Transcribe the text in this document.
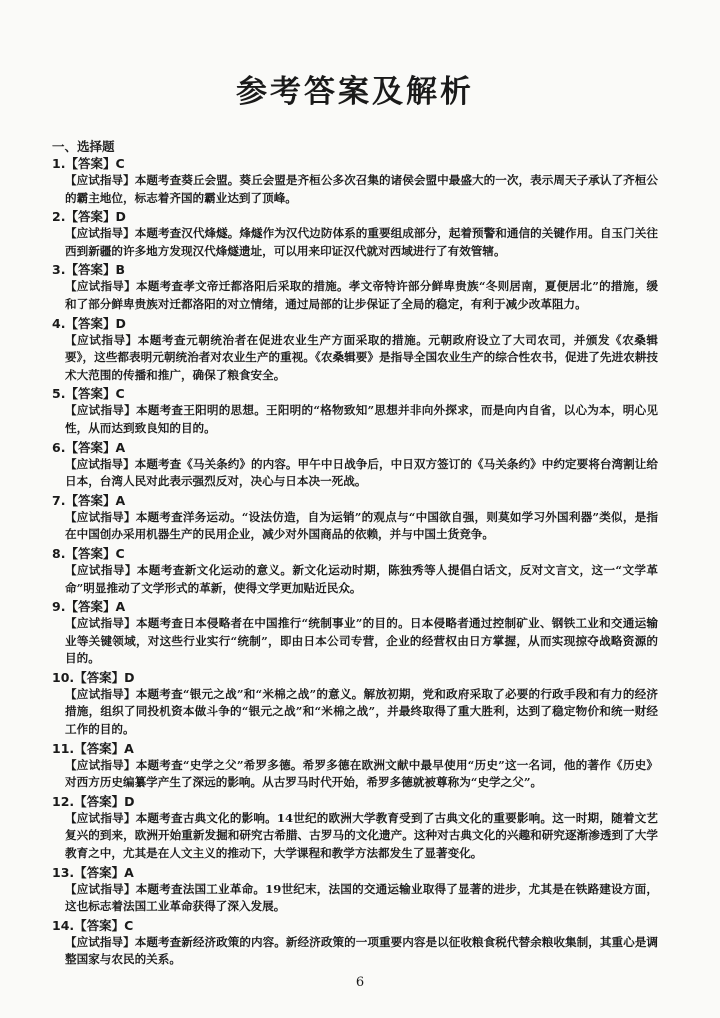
参考答案及解析
一、选择题
1.【答案】C
【应试指导】本题考查葵丘会盟。葵丘会盟是齐桓公多次召集的诸侯会盟中最盛大的一次，表示周天子承认了齐桓公的霸主地位，标志着齐国的霸业达到了顶峰。
2.【答案】D
【应试指导】本题考查汉代烽燧。烽燧作为汉代边防体系的重要组成部分，起着预警和通信的关键作用。自玉门关往西到新疆的许多地方发现汉代烽燧遗址，可以用来印证汉代就对西域进行了有效管辖。
3.【答案】B
【应试指导】本题考查孝文帝迁都洛阳后采取的措施。孝文帝特许部分鲜卑贵族“冬则居南，夏便居北”的措施，缓和了部分鲜卑贵族对迁都洛阳的对立情绪，通过局部的让步保证了全局的稳定，有利于减少改革阻力。
4.【答案】D
【应试指导】本题考查元朝统治者在促进农业生产方面采取的措施。元朝政府设立了大司农司，并颁发《农桑辑要》，这些都表明元朝统治者对农业生产的重视。《农桑辑要》是指导全国农业生产的综合性农书，促进了先进农耕技术大范围的传播和推广，确保了粮食安全。
5.【答案】C
【应试指导】本题考查王阳明的思想。王阳明的“格物致知”思想并非向外探求，而是向内自省，以心为本，明心见性，从而达到致良知的目的。
6.【答案】A
【应试指导】本题考查《马关条约》的内容。甲午中日战争后，中日双方签订的《马关条约》中约定要将台湾割让给日本，台湾人民对此表示强烈反对，决心与日本决一死战。
7.【答案】A
【应试指导】本题考查洋务运动。“设法仿造，自为运销”的观点与“中国欲自强，则莫如学习外国利器”类似，是指在中国创办采用机器生产的民用企业，减少对外国商品的依赖，并与中国土货竞争。
8.【答案】C
【应试指导】本题考查新文化运动的意义。新文化运动时期，陈独秀等人提倡白话文，反对文言文，这一“文学革命”明显推动了文学形式的革新，使得文学更加贴近民众。
9.【答案】A
【应试指导】本题考查日本侵略者在中国推行“统制事业”的目的。日本侵略者通过控制矿业、钢铁工业和交通运输业等关键领域，对这些行业实行“统制”，即由日本公司专营，企业的经营权由日方掌握，从而实现掠夺战略资源的目的。
10.【答案】D
【应试指导】本题考查“银元之战”和“米棉之战”的意义。解放初期，党和政府采取了必要的行政手段和有力的经济措施，组织了同投机资本做斗争的“银元之战”和“米棉之战”，并最终取得了重大胜利，达到了稳定物价和统一财经工作的目的。
11.【答案】A
【应试指导】本题考查“史学之父”希罗多德。希罗多德在欧洲文献中最早使用“历史”这一名词，他的著作《历史》对西方历史编纂学产生了深远的影响。从古罗马时代开始，希罗多德就被尊称为“史学之父”。
12.【答案】D
【应试指导】本题考查古典文化的影响。14世纪的欧洲大学教育受到了古典文化的重要影响。这一时期，随着文艺复兴的到来，欧洲开始重新发掘和研究古希腊、古罗马的文化遗产。这种对古典文化的兴趣和研究逐渐渗透到了大学教育之中，尤其是在人文主义的推动下，大学课程和教学方法都发生了显著变化。
13.【答案】A
【应试指导】本题考查法国工业革命。19世纪末，法国的交通运输业取得了显著的进步，尤其是在铁路建设方面，这也标志着法国工业革命获得了深入发展。
14.【答案】C
【应试指导】本题考查新经济政策的内容。新经济政策的一项重要内容是以征收粮食税代替余粮收集制，其重心是调整国家与农民的关系。
6
